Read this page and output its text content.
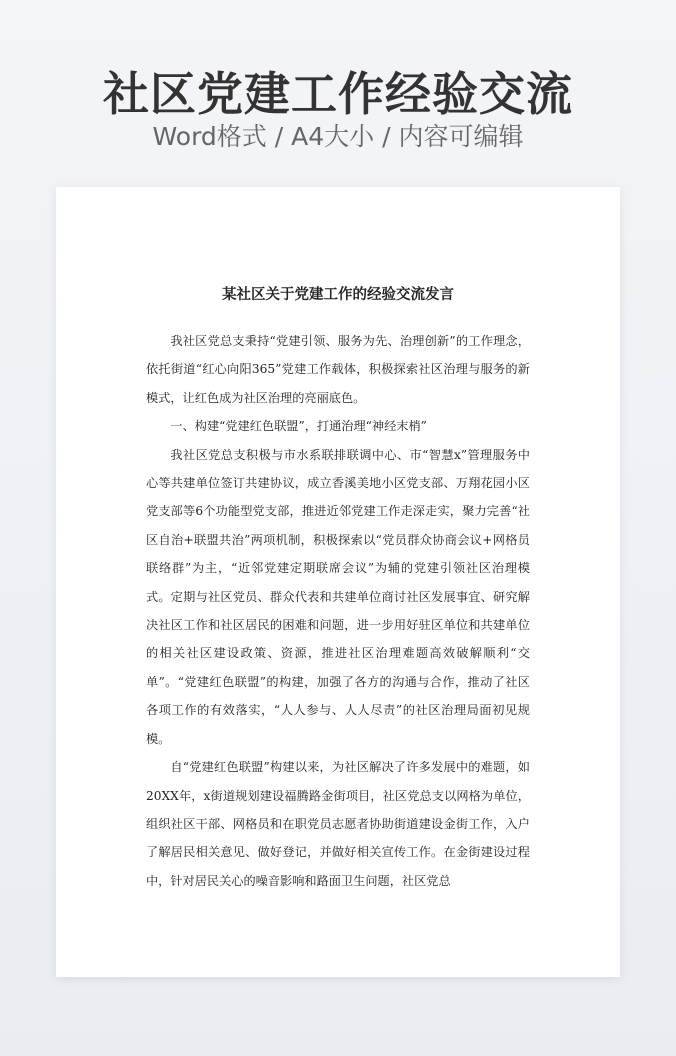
社区党建工作经验交流
Word格式 / A4大小 / 内容可编辑
某社区关于党建工作的经验交流发言

我社区党总支秉持“党建引领、服务为先、治理创新”的工作理念，依托街道“红心向阳365”党建工作载体，积极探索社区治理与服务的新模式，让红色成为社区治理的亮丽底色。

一、构建“党建红色联盟”，打通治理“神经末梢”

我社区党总支积极与市水系联排联调中心、市“智慧x”管理服务中心等共建单位签订共建协议，成立香溪美地小区党支部、万翔花园小区党支部等6个功能型党支部，推进近邻党建工作走深走实，聚力完善“社区自治+联盟共治”两项机制，积极探索以“党员群众协商会议+网格员联络群”为主，“近邻党建定期联席会议”为辅的党建引领社区治理模式。定期与社区党员、群众代表和共建单位商讨社区发展事宜、研究解决社区工作和社区居民的困难和问题，进一步用好驻区单位和共建单位的相关社区建设政策、资源，推进社区治理难题高效破解顺利“交单”。“党建红色联盟”的构建，加强了各方的沟通与合作，推动了社区各项工作的有效落实，“人人参与、人人尽责”的社区治理局面初见规模。

自“党建红色联盟”构建以来，为社区解决了许多发展中的难题，如20XX年，x街道规划建设福腾路金街项目，社区党总支以网格为单位，组织社区干部、网格员和在职党员志愿者协助街道建设金街工作，入户了解居民相关意见、做好登记，并做好相关宣传工作。在金街建设过程中，针对居民关心的噪音影响和路面卫生问题，社区党总
